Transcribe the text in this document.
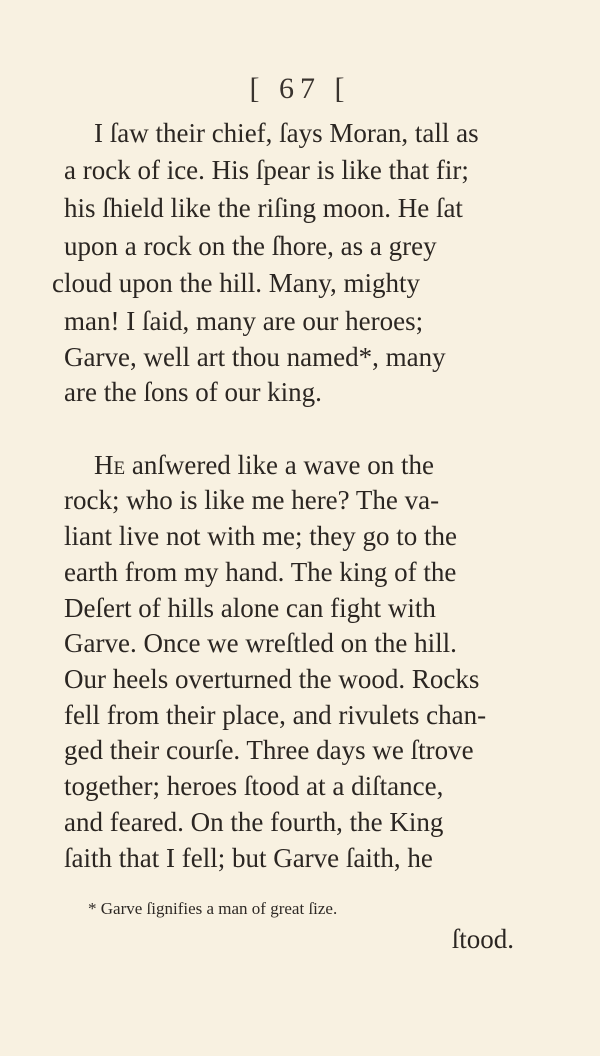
[ 67 [
I ſaw their chief, ſays Moran, tall as
a rock of ice. His ſpear is like that fir;
his ſhield like the riſing moon. He ſat
upon a rock on the ſhore, as a grey
cloud upon the hill. Many, mighty
man! I ſaid, many are our heroes;
Garve, well art thou named*, many
are the ſons of our king.
He anſwered like a wave on the
rock; who is like me here? The va-
liant live not with me; they go to the
earth from my hand. The king of the
Deſert of hills alone can fight with
Garve. Once we wreſtled on the hill.
Our heels overturned the wood. Rocks
fell from their place, and rivulets chan-
ged their courſe. Three days we ſtrove
together; heroes ſtood at a diſtance,
and feared. On the fourth, the King
ſaith that I fell; but Garve ſaith, he
* Garve ſignifies a man of great ſize.
ſtood.
